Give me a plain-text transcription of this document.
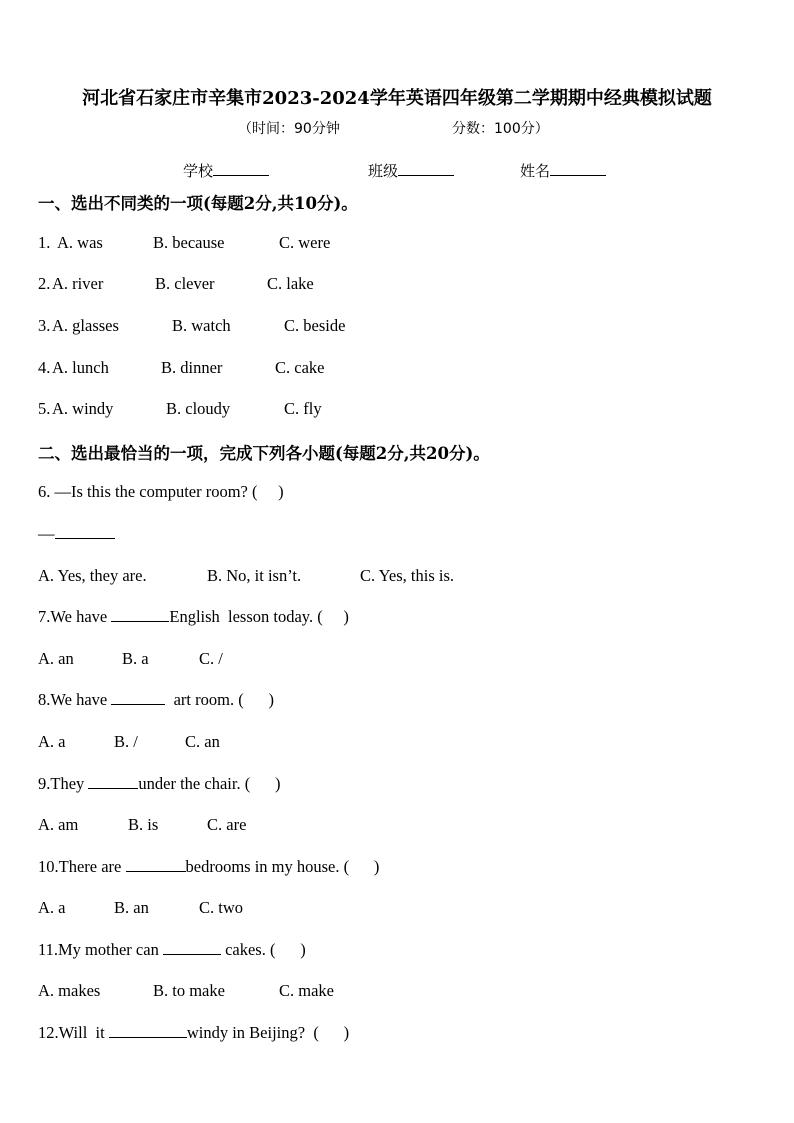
河北省石家庄市辛集市2023-2024学年英语四年级第二学期期中经典模拟试题
（时间：90分钟	分数：100分）
学校	班级	姓名
一、选出不同类的一项(每题2分,共10分)。
1. A. was	B. because	C. were
2. A. river	B. clever	C. lake
3. A. glasses	B. watch	C. beside
4. A. lunch	B. dinner	C. cake
5. A. windy	B. cloudy	C. fly
二、选出最恰当的一项，完成下列各小题(每题2分,共20分)。
6. —Is this the computer room? (     )
—
A. Yes, they are.	B. No, it isn’t.	C. Yes, this is.
7.We have	English  lesson today. (     )
A. an	B. a	C. /
8.We have	art room. (      )
A. a	B. /	C. an
9.They	under the chair. (      )
A. am	B. is	C. are
10.There are	bedrooms in my house. (      )
A. a	B. an	C. two
11.My mother can	cakes. (      )
A. makes	B. to make	C. make
12.Will  it	windy in Beijing?  (      )
